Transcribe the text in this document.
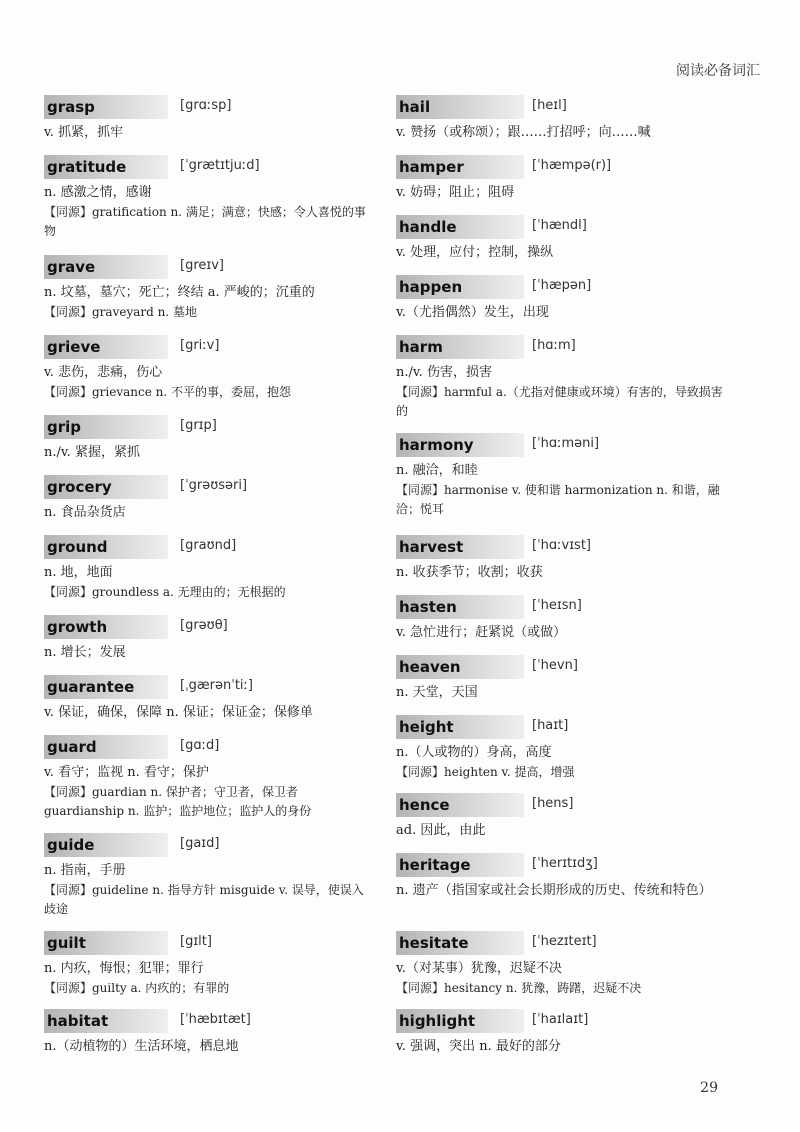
阅读必备词汇
grasp	[grɑːsp]
v. 抓紧，抓牢
gratitude	[ˈgrætɪtjuːd]
n. 感激之情，感谢
【同源】gratification n. 满足；满意；快感；令人喜悦的事物
grave	[greɪv]
n. 坟墓，墓穴；死亡；终结 a. 严峻的；沉重的
【同源】graveyard n. 墓地
grieve	[griːv]
v. 悲伤，悲痛，伤心
【同源】grievance n. 不平的事，委屈，抱怨
grip	[grɪp]
n./v. 紧握，紧抓
grocery	[ˈgrəʊsəri]
n. 食品杂货店
ground	[graʊnd]
n. 地，地面
【同源】groundless a. 无理由的；无根据的
growth	[grəʊθ]
n. 增长；发展
guarantee	[ˌgærənˈtiː]
v. 保证，确保，保障 n. 保证；保证金；保修单
guard	[gɑːd]
v. 看守；监视 n. 看守；保护
【同源】guardian n. 保护者；守卫者，保卫者 guardianship n. 监护；监护地位；监护人的身份
guide	[gaɪd]
n. 指南，手册
【同源】guideline n. 指导方针 misguide v. 误导，使误入歧途
guilt	[gɪlt]
n. 内疚，悔恨；犯罪；罪行
【同源】guilty a. 内疚的；有罪的
habitat	[ˈhæbɪtæt]
n.（动植物的）生活环境，栖息地
hail	[heɪl]
v. 赞扬（或称颂）；跟……打招呼；向……喊
hamper	[ˈhæmpə(r)]
v. 妨碍；阻止；阻碍
handle	[ˈhændl]
v. 处理，应付；控制，操纵
happen	[ˈhæpən]
v.（尤指偶然）发生，出现
harm	[hɑːm]
n./v. 伤害，损害
【同源】harmful a.（尤指对健康或环境）有害的，导致损害的
harmony	[ˈhɑːməni]
n. 融洽，和睦
【同源】harmonise v. 使和谐 harmonization n. 和谐，融洽；悦耳
harvest	[ˈhɑːvɪst]
n. 收获季节；收割；收获
hasten	[ˈheɪsn]
v. 急忙进行；赶紧说（或做）
heaven	[ˈhevn]
n. 天堂，天国
height	[haɪt]
n.（人或物的）身高，高度
【同源】heighten v. 提高，增强
hence	[hens]
ad. 因此，由此
heritage	[ˈherɪtɪdʒ]
n. 遗产（指国家或社会长期形成的历史、传统和特色）
hesitate	[ˈhezɪteɪt]
v.（对某事）犹豫，迟疑不决
【同源】hesitancy n. 犹豫，踌躇，迟疑不决
highlight	[ˈhaɪlaɪt]
v. 强调，突出 n. 最好的部分
29
